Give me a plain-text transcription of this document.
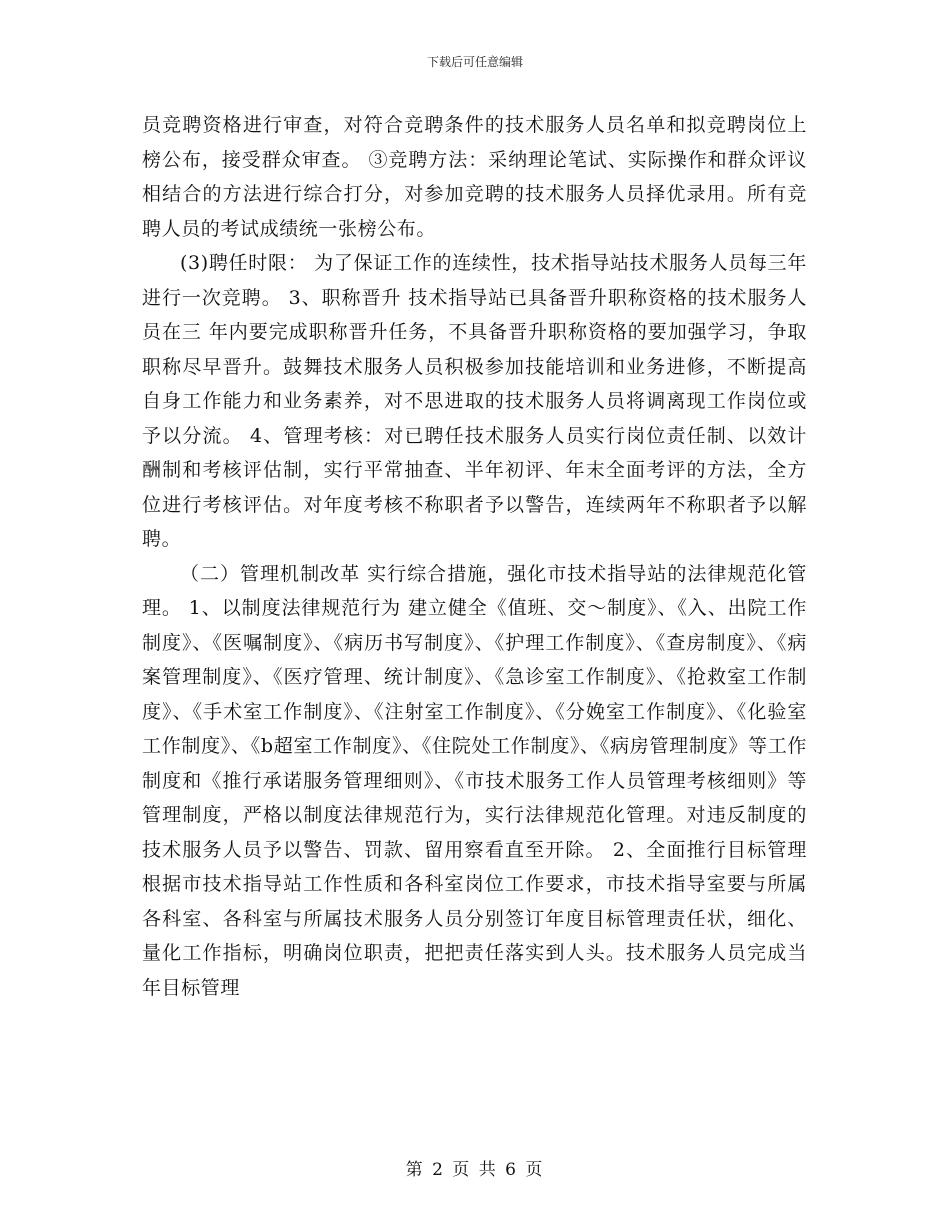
下载后可任意编辑

员竞聘资格进行审查，对符合竞聘条件的技术服务人员名单和拟竞聘岗位上榜公布，接受群众审查。 ③竞聘方法：采纳理论笔试、实际操作和群众评议相结合的方法进行综合打分，对参加竞聘的技术服务人员择优录用。所有竞聘人员的考试成绩统一张榜公布。

(3)聘任时限： 为了保证工作的连续性，技术指导站技术服务人员每三年进行一次竞聘。 3、职称晋升 技术指导站已具备晋升职称资格的技术服务人员在三 年内要完成职称晋升任务，不具备晋升职称资格的要加强学习，争取职称尽早晋升。鼓舞技术服务人员积极参加技能培训和业务进修，不断提高自身工作能力和业务素养，对不思进取的技术服务人员将调离现工作岗位或予以分流。 4、管理考核：对已聘任技术服务人员实行岗位责任制、以效计酬制和考核评估制，实行平常抽查、半年初评、年末全面考评的方法，全方位进行考核评估。对年度考核不称职者予以警告，连续两年不称职者予以解聘。

（二）管理机制改革 实行综合措施，强化市技术指导站的法律规范化管理。 1、以制度法律规范行为 建立健全《值班、交～制度》、《入、出院工作制度》、《医嘱制度》、《病历书写制度》、《护理工作制度》、《查房制度》、《病案管理制度》、《医疗管理、统计制度》、《急诊室工作制度》、《抢救室工作制度》、《手术室工作制度》、《注射室工作制度》、《分娩室工作制度》、《化验室工作制度》、《b超室工作制度》、《住院处工作制度》、《病房管理制度》等工作制度和《推行承诺服务管理细则》、《市技术服务工作人员管理考核细则》等管理制度，严格以制度法律规范行为，实行法律规范化管理。对违反制度的技术服务人员予以警告、罚款、留用察看直至开除。 2、全面推行目标管理 根据市技术指导站工作性质和各科室岗位工作要求，市技术指导室要与所属各科室、各科室与所属技术服务人员分别签订年度目标管理责任状，细化、量化工作指标，明确岗位职责，把把责任落实到人头。技术服务人员完成当年目标管理

第 2 页 共 6 页
